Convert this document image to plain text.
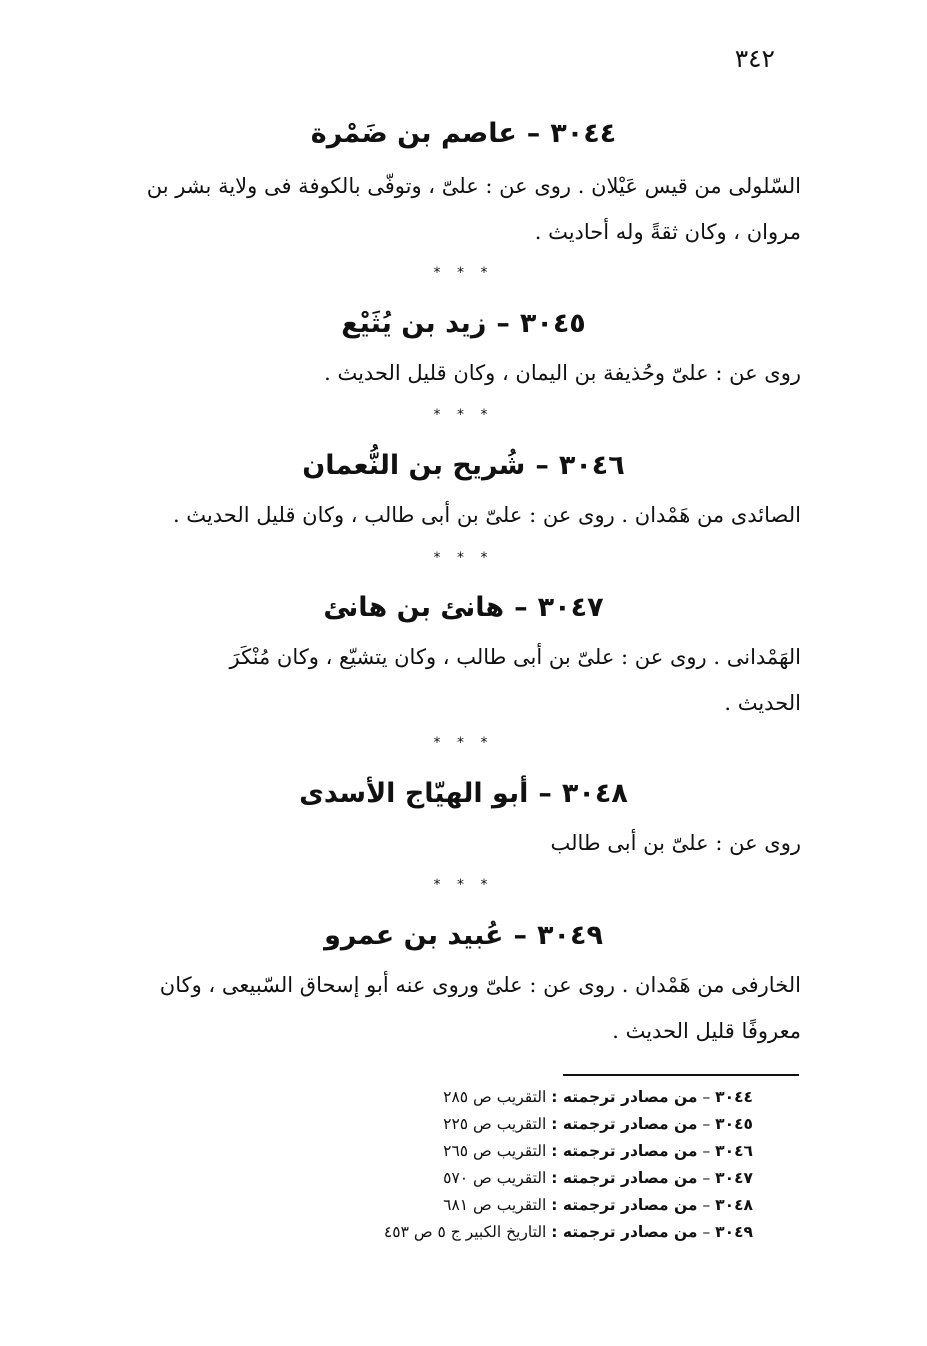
٣٤٢
٣٠٤٤–عاصم بن ضَمْرة
السّلولى من قيس عَيْلان . روى عن : علىّ ، وتوفّى بالكوفة فى ولاية بشر بن
مروان ، وكان ثقةً وله أحاديث .
* * *
٣٠٤٥–زيد بن يُثَيْع
روى عن : علىّ وحُذيفة بن اليمان ، وكان قليل الحديث .
* * *
٣٠٤٦–شُريح بن النُّعمان
الصائدى من هَمْدان . روى عن : علىّ بن أبى طالب ، وكان قليل الحديث .
* * *
٣٠٤٧–هانئ بن هانئ
الهَمْدانى . روى عن : علىّ بن أبى طالب ، وكان يتشيّع ، وكان مُنْكَرَ
الحديث .
* * *
٣٠٤٨–أبو الهيّاج الأسدى
روى عن : علىّ بن أبى طالب
* * *
٣٠٤٩–عُبيد بن عمرو
الخارفى من هَمْدان . روى عن : علىّ وروى عنه أبو إسحاق السّبيعى ، وكان
معروفًا قليل الحديث .
٣٠٤٤ – من مصادر ترجمته : التقريب ص ٢٨٥
٣٠٤٥ – من مصادر ترجمته : التقريب ص ٢٢٥
٣٠٤٦ – من مصادر ترجمته : التقريب ص ٢٦٥
٣٠٤٧ – من مصادر ترجمته : التقريب ص ٥٧٠
٣٠٤٨ – من مصادر ترجمته : التقريب ص ٦٨١
٣٠٤٩ – من مصادر ترجمته : التاريخ الكبير ج ٥ ص ٤٥٣
